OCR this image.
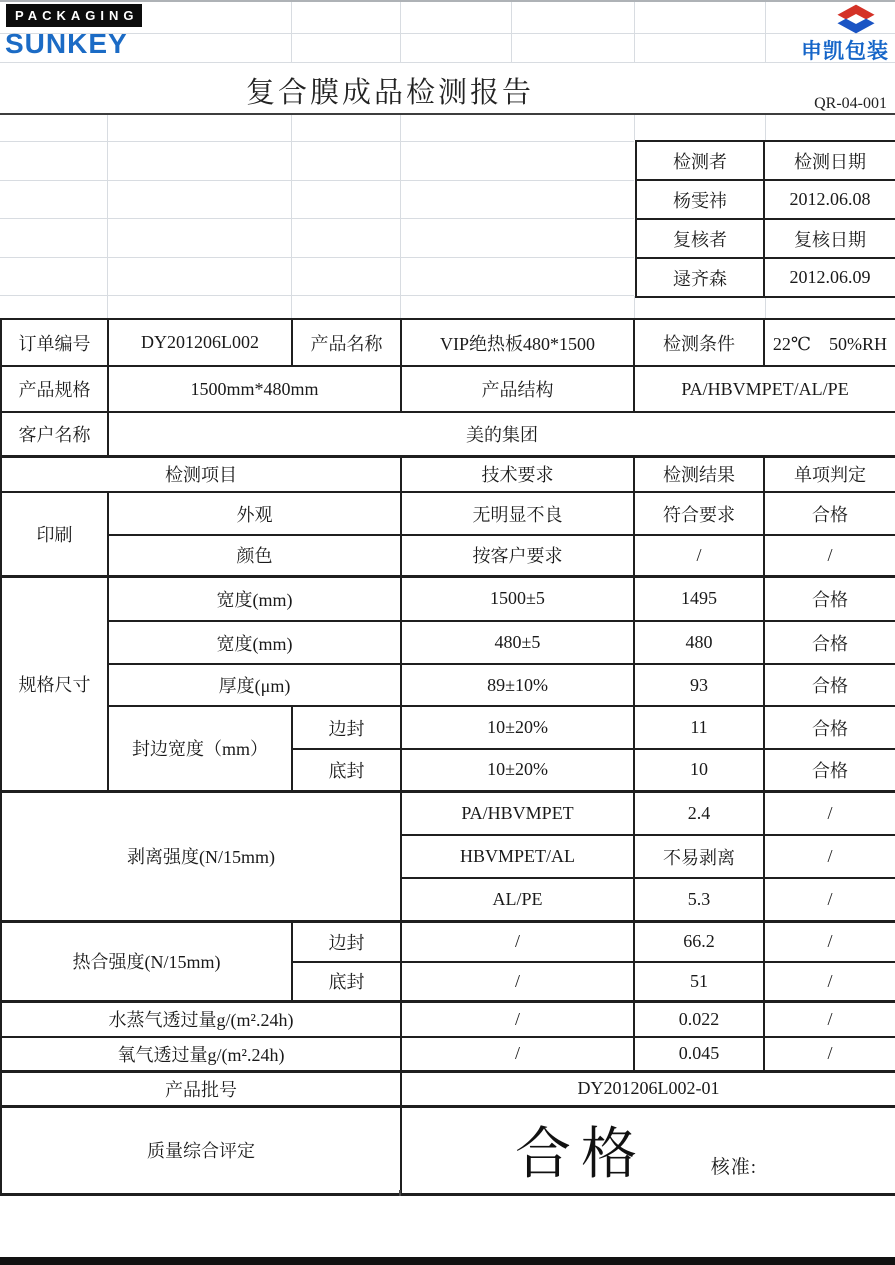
PACKAGING
SUNKEY	申凯包装
复合膜成品检测报告	QR-04-001
检测者	检测日期
杨雯祎	2012.06.08
复核者	复核日期
逯齐森	2012.06.09
订单编号	DY201206L002	产品名称	VIP绝热板480*1500	检测条件	22℃　50%RH
产品规格	1500mm*480mm		产品结构	PA/HBVMPET/AL/PE	
客户名称	美的集团				
检测项目			技术要求	检测结果	单项判定
印刷	外观		无明显不良	符合要求	合格
	颜色		按客户要求	/	/
规格尺寸	宽度(mm)		1500±5	1495	合格
	宽度(mm)		480±5	480	合格
	厚度(μm)		89±10%	93	合格
	封边宽度（mm）	边封	10±20%	11	合格
		底封	10±20%	10	合格
剥离强度(N/15mm)			PA/HBVMPET	2.4	/
			HBVMPET/AL	不易剥离	/
			AL/PE	5.3	/
热合强度(N/15mm)		边封	/	66.2	/
		底封	/	51	/
水蒸气透过量g/(m².24h)			/	0.022	/
氧气透过量g/(m².24h)			/	0.045	/
产品批号			DY201206L002-01		
质量综合评定			合格 核准:		
